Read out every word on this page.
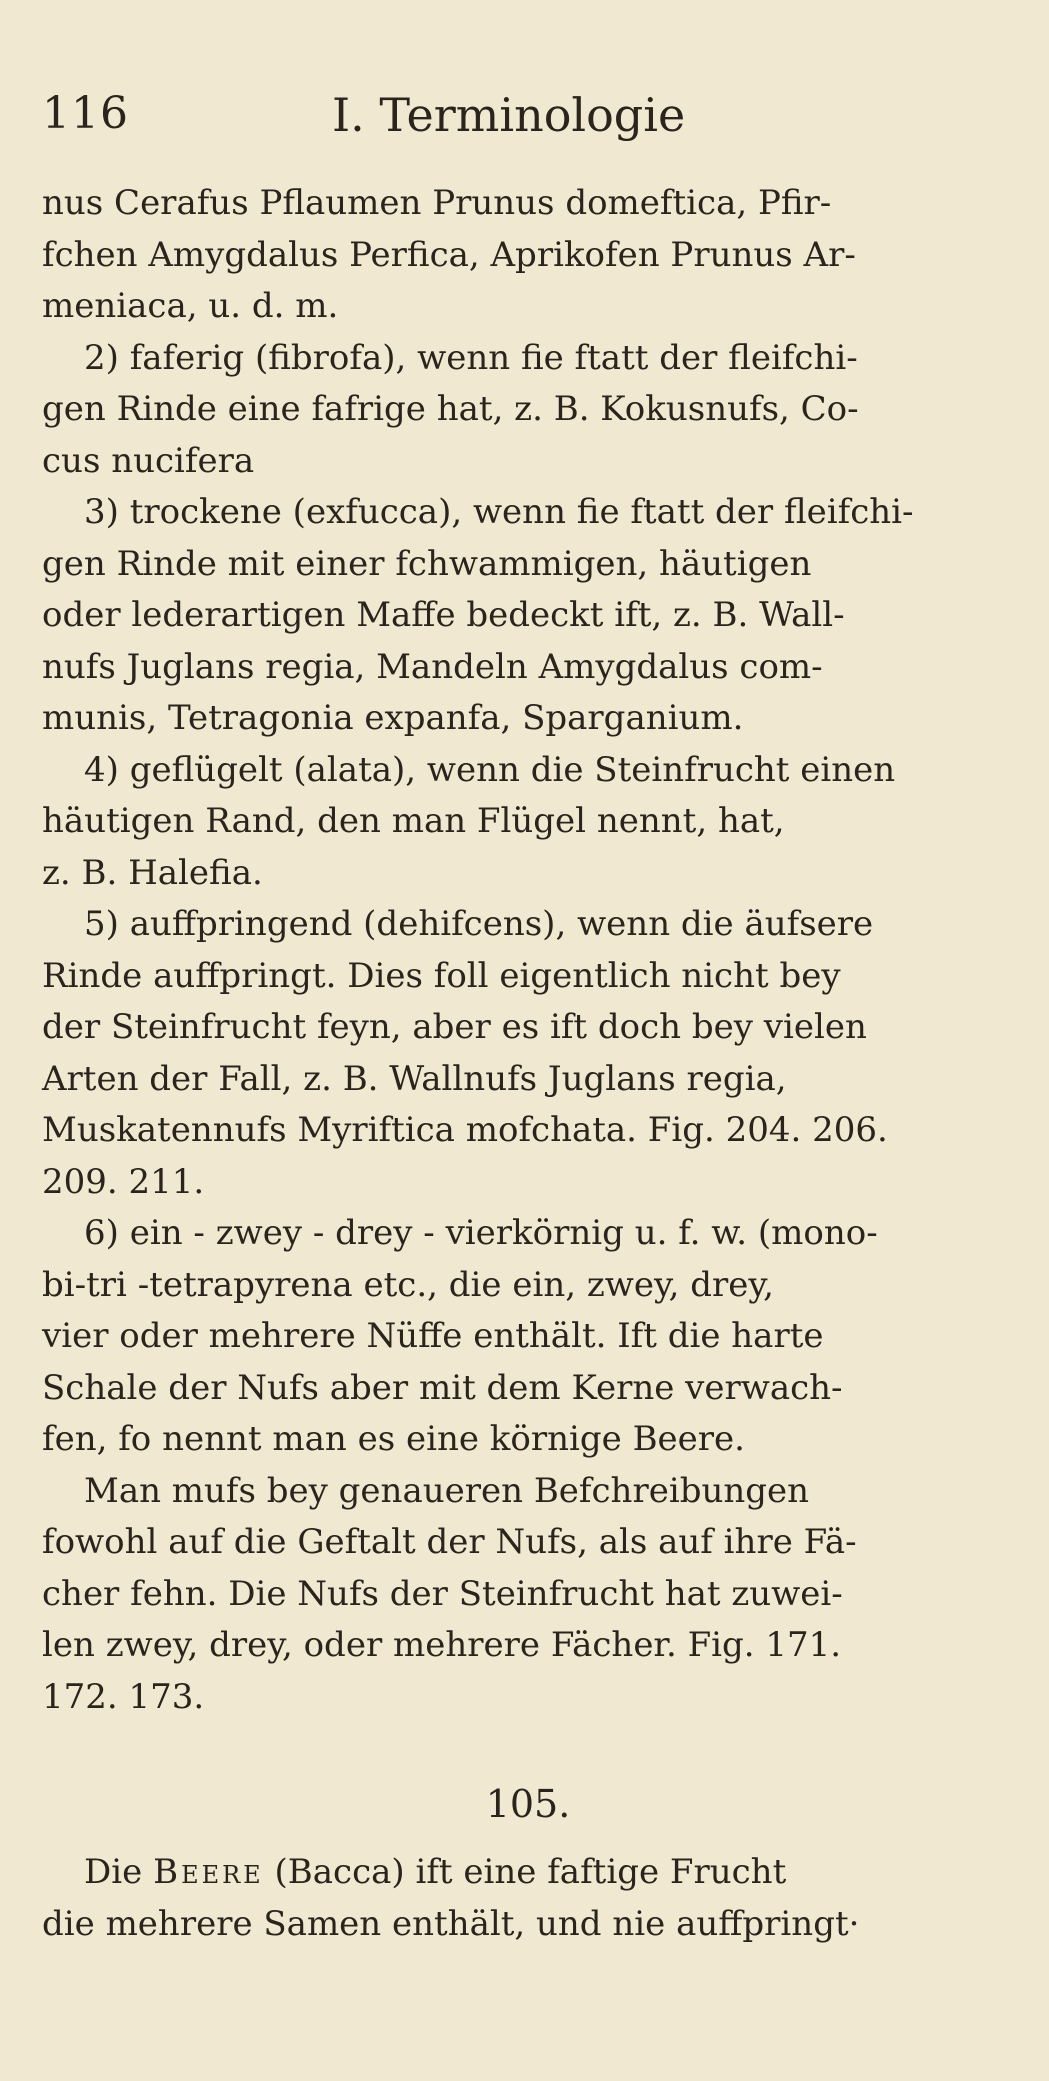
116	I. Terminologie
nus Cerafus Pflaumen Prunus domeftica, Pfir-
fchen Amygdalus Perfica, Aprikofen Prunus Ar-
meniaca, u. d. m.
2) faferig (fibrofa), wenn fie ftatt der fleifchi-
gen Rinde eine fafrige hat, z. B. Kokusnufs, Co-
cus nucifera
3) trockene (exfucca), wenn fie ftatt der fleifchi-
gen Rinde mit einer fchwammigen, häutigen
oder lederartigen Maffe bedeckt ift, z. B. Wall-
nufs Juglans regia, Mandeln Amygdalus com-
munis, Tetragonia expanfa, Sparganium.
4) geflügelt (alata), wenn die Steinfrucht einen
häutigen Rand, den man Flügel nennt, hat,
z. B. Halefia.
5) auffpringend (dehifcens), wenn die äufsere
Rinde auffpringt. Dies foll eigentlich nicht bey
der Steinfrucht feyn, aber es ift doch bey vielen
Arten der Fall, z. B. Wallnufs Juglans regia,
Muskatennufs Myriftica mofchata. Fig. 204. 206.
209. 211.
6) ein - zwey - drey - vierkörnig u. f. w. (mono-
bi-tri -tetrapyrena etc., die ein, zwey, drey,
vier oder mehrere Nüffe enthält. Ift die harte
Schale der Nufs aber mit dem Kerne verwach-
fen, fo nennt man es eine körnige Beere.
Man mufs bey genaueren Befchreibungen
fowohl auf die Geftalt der Nufs, als auf ihre Fä-
cher fehn. Die Nufs der Steinfrucht hat zuwei-
len zwey, drey, oder mehrere Fächer. Fig. 171.
172. 173.
105.
Die Beere (Bacca) ift eine faftige Frucht
die mehrere Samen enthält, und nie auffpringt·
